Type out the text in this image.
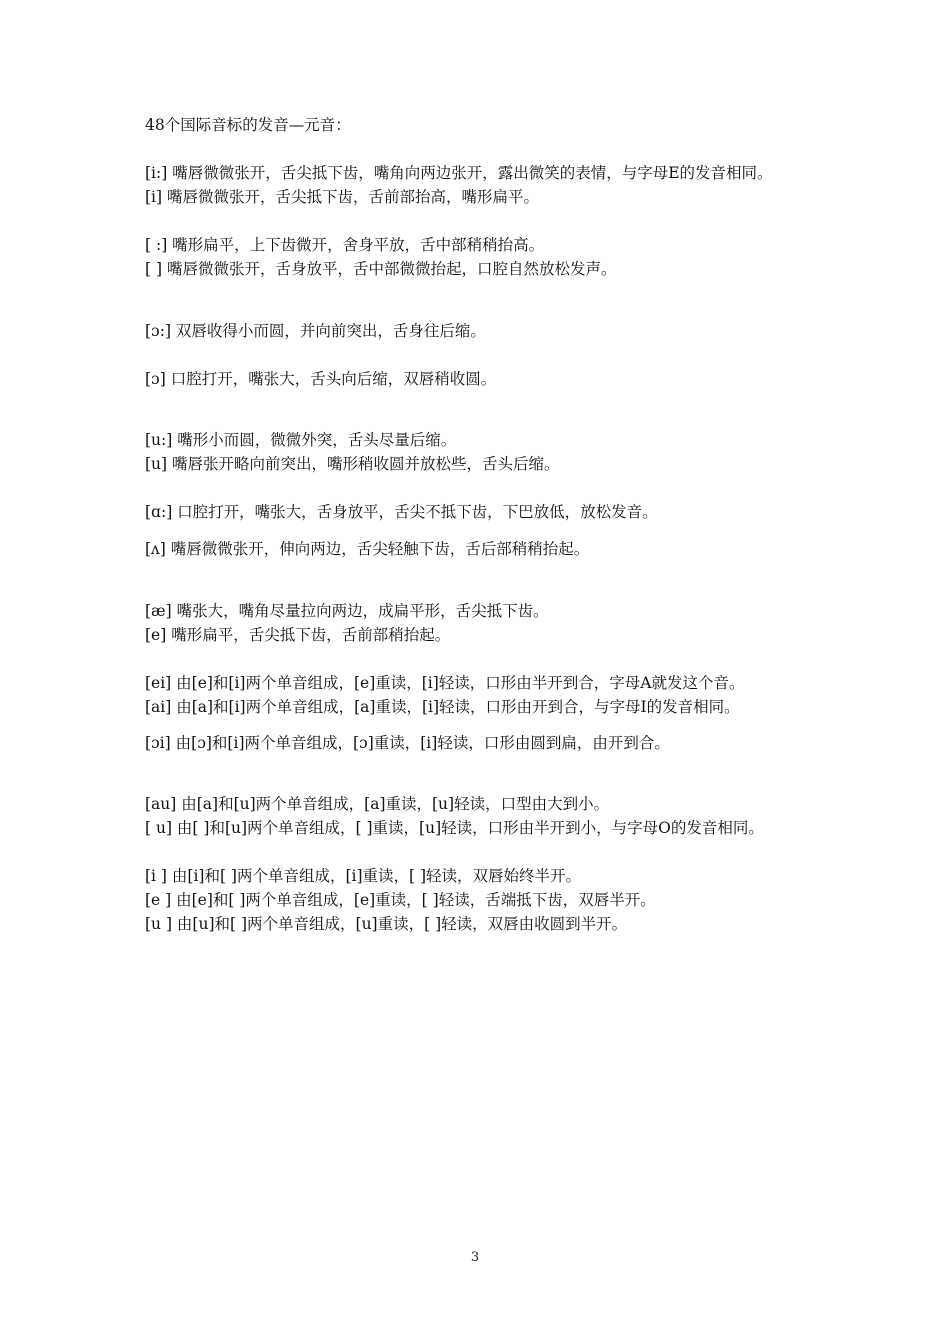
48个国际音标的发音—元音：

[i:] 嘴唇微微张开，舌尖抵下齿，嘴角向两边张开，露出微笑的表情，与字母E的发音相同。

[i] 嘴唇微微张开，舌尖抵下齿，舌前部抬高，嘴形扁平。

[ :] 嘴形扁平，上下齿微开，舍身平放，舌中部稍稍抬高。

[ ] 嘴唇微微张开，舌身放平，舌中部微微抬起，口腔自然放松发声。

[ɔ:] 双唇收得小而圆，并向前突出，舌身往后缩。

[ɔ] 口腔打开，嘴张大，舌头向后缩，双唇稍收圆。

[u:] 嘴形小而圆，微微外突，舌头尽量后缩。

[u] 嘴唇张开略向前突出，嘴形稍收圆并放松些，舌头后缩。

[ɑ:] 口腔打开，嘴张大，舌身放平，舌尖不抵下齿，下巴放低，放松发音。

[ʌ] 嘴唇微微张开，伸向两边，舌尖轻触下齿，舌后部稍稍抬起。

[æ] 嘴张大，嘴角尽量拉向两边，成扁平形，舌尖抵下齿。

[e] 嘴形扁平，舌尖抵下齿，舌前部稍抬起。

[ei] 由[e]和[i]两个单音组成，[e]重读，[i]轻读，口形由半开到合，字母A就发这个音。

[ai] 由[a]和[i]两个单音组成，[a]重读，[i]轻读，口形由开到合，与字母I的发音相同。

[ɔi] 由[ɔ]和[i]两个单音组成，[ɔ]重读，[i]轻读，口形由圆到扁，由开到合。

[au] 由[a]和[u]两个单音组成，[a]重读，[u]轻读，口型由大到小。

[ u] 由[ ]和[u]两个单音组成，[ ]重读，[u]轻读，口形由半开到小，与字母O的发音相同。

[i ] 由[i]和[ ]两个单音组成，[i]重读，[ ]轻读，双唇始终半开。

[e ] 由[e]和[ ]两个单音组成，[e]重读，[ ]轻读，舌端抵下齿，双唇半开。

[u ] 由[u]和[ ]两个单音组成，[u]重读，[ ]轻读，双唇由收圆到半开。

3
